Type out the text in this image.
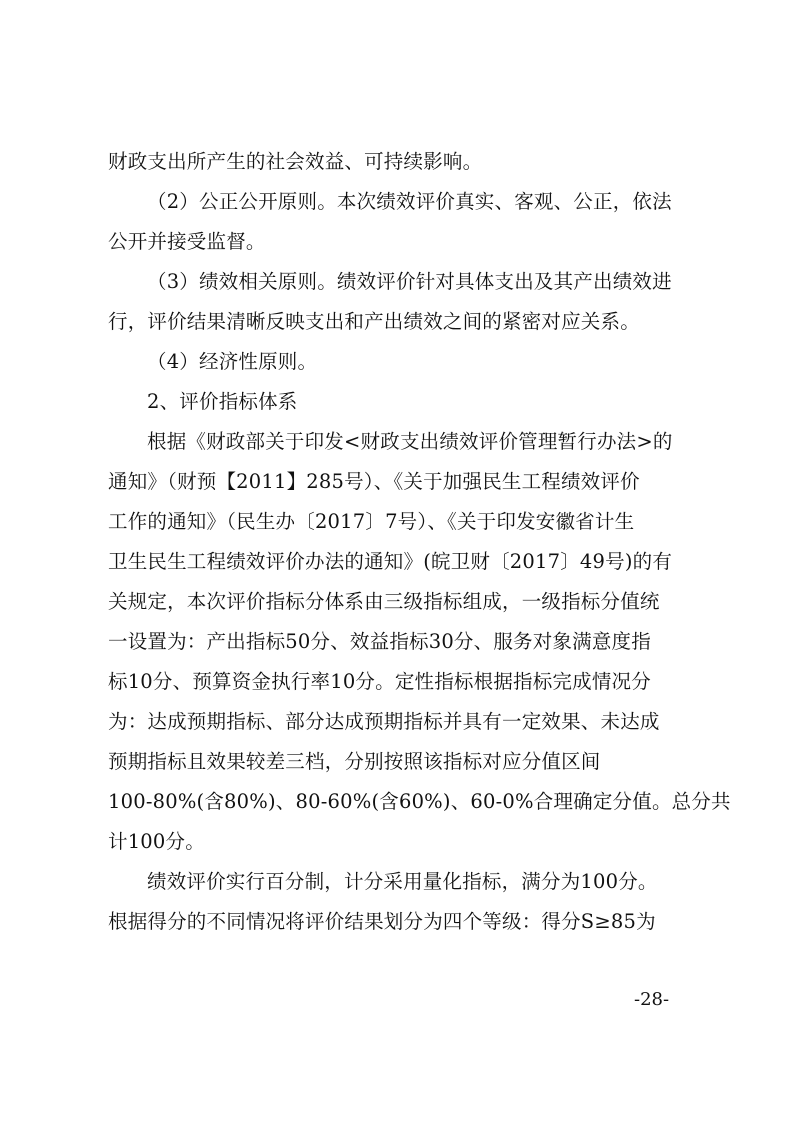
财政支出所产生的社会效益、可持续影响。
（2）公正公开原则。本次绩效评价真实、客观、公正，依法
公开并接受监督。
（3）绩效相关原则。绩效评价针对具体支出及其产出绩效进
行，评价结果清晰反映支出和产出绩效之间的紧密对应关系。
（4）经济性原则。
2、评价指标体系
根据《财政部关于印发<财政支出绩效评价管理暂行办法>的
通知》（财预【2011】285号）、《关于加强民生工程绩效评价
工作的通知》（民生办〔2017〕7号）、《关于印发安徽省计生
卫生民生工程绩效评价办法的通知》(皖卫财〔2017〕49号)的有
关规定，本次评价指标分体系由三级指标组成，一级指标分值统
一设置为：产出指标50分、效益指标30分、服务对象满意度指
标10分、预算资金执行率10分。定性指标根据指标完成情况分
为：达成预期指标、部分达成预期指标并具有一定效果、未达成
预期指标且效果较差三档，分别按照该指标对应分值区间
100-80%(含80%)、80-60%(含60%)、60-0%合理确定分值。总分共
计100分。
绩效评价实行百分制，计分采用量化指标，满分为100分。
根据得分的不同情况将评价结果划分为四个等级：得分S≥85为
-28-
